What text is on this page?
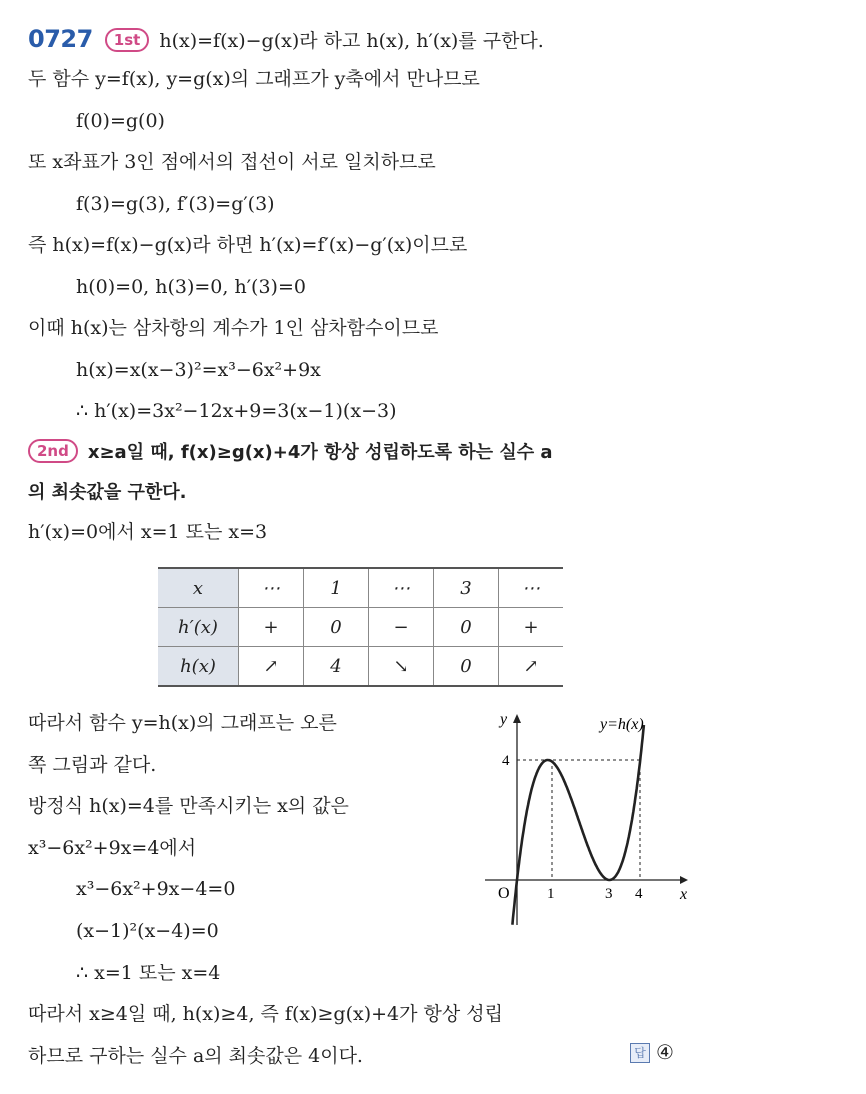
0727 1st h(x)=f(x)−g(x)라 하고 h(x), h′(x)를 구한다.
두 함수 y=f(x), y=g(x)의 그래프가 y축에서 만나므로
f(0)=g(0)
또 x좌표가 3인 점에서의 접선이 서로 일치하므로
f(3)=g(3), f′(3)=g′(3)
즉 h(x)=f(x)−g(x)라 하면 h′(x)=f′(x)−g′(x)이므로
h(0)=0, h(3)=0, h′(3)=0
이때 h(x)는 삼차항의 계수가 1인 삼차함수이므로
h(x)=x(x−3)²=x³−6x²+9x
∴ h′(x)=3x²−12x+9=3(x−1)(x−3)
2nd x≥a일 때, f(x)≥g(x)+4가 항상 성립하도록 하는 실수 a
의 최솟값을 구한다.
h′(x)=0에서 x=1 또는 x=3
x	⋯	1	⋯	3	⋯
h′(x)	+	0	−	0	+
h(x)	↗	4	↘	0	↗
따라서 함수 y=h(x)의 그래프는 오른
쪽 그림과 같다.
방정식 h(x)=4를 만족시키는 x의 값은
x³−6x²+9x=4에서
x³−6x²+9x−4=0
(x−1)²(x−4)=0
∴ x=1 또는 x=4
따라서 x≥4일 때, h(x)≥4, 즉 f(x)≥g(x)+4가 항상 성립
하므로 구하는 실수 a의 최솟값은 4이다.	답 ④
y
x
O
4
1	3 4
y=h(x)
